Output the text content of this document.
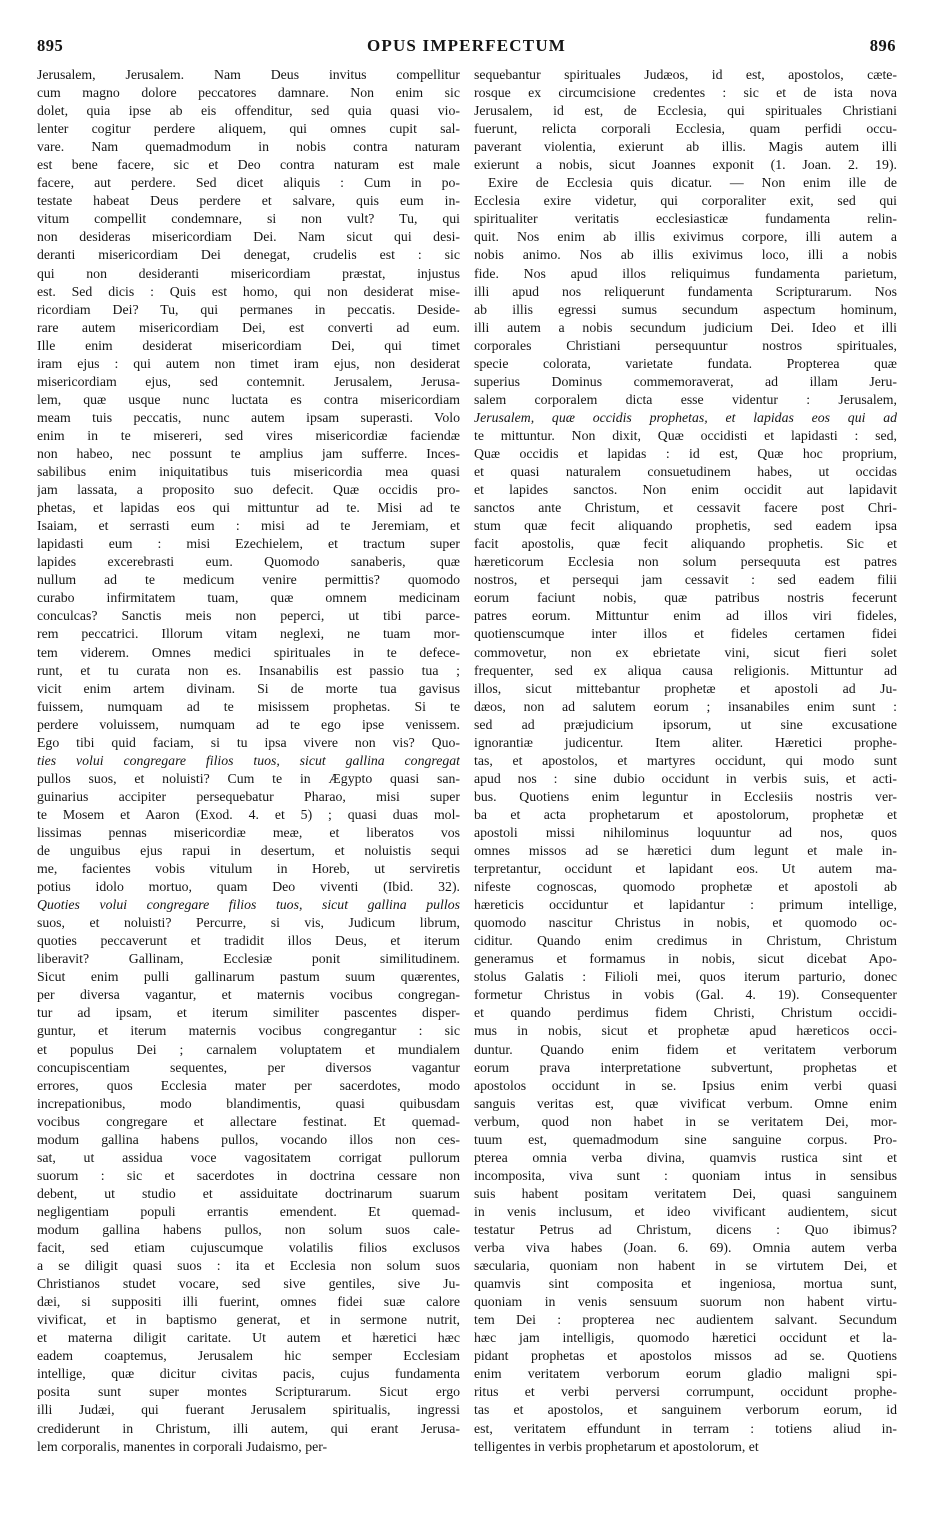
895	OPUS IMPERFECTUM	896
Jerusalem, Jerusalem. Nam Deus invitus compellitur
cum magno dolore peccatores damnare. Non enim sic
dolet, quia ipse ab eis offenditur, sed quia quasi vio-
lenter cogitur perdere aliquem, qui omnes cupit sal-
vare. Nam quemadmodum in nobis contra naturam
est bene facere, sic et Deo contra naturam est male
facere, aut perdere. Sed dicet aliquis : Cum in po-
testate habeat Deus perdere et salvare, quis eum in-
vitum compellit condemnare, si non vult? Tu, qui
non desideras misericordiam Dei. Nam sicut qui desi-
deranti misericordiam Dei denegat, crudelis est : sic
qui non desideranti misericordiam præstat, injustus
est. Sed dicis : Quis est homo, qui non desiderat mise-
ricordiam Dei? Tu, qui permanes in peccatis. Deside-
rare autem misericordiam Dei, est converti ad eum.
Ille enim desiderat misericordiam Dei, qui timet
iram ejus : qui autem non timet iram ejus, non desiderat
misericordiam ejus, sed contemnit. Jerusalem, Jerusa-
lem, quæ usque nunc luctata es contra misericordiam
meam tuis peccatis, nunc autem ipsam superasti. Volo
enim in te misereri, sed vires misericordiæ faciendæ
non habeo, nec possunt te amplius jam sufferre. Inces-
sabilibus enim iniquitatibus tuis misericordia mea quasi
jam lassata, a proposito suo defecit. Quæ occidis pro-
phetas, et lapidas eos qui mittuntur ad te. Misi ad te
Isaiam, et serrasti eum : misi ad te Jeremiam, et
lapidasti eum : misi Ezechielem, et tractum super
lapides excerebrasti eum. Quomodo sanaberis, quæ
nullum ad te medicum venire permittis? quomodo
curabo infirmitatem tuam, quæ omnem medicinam
conculcas? Sanctis meis non peperci, ut tibi parce-
rem peccatrici. Illorum vitam neglexi, ne tuam mor-
tem viderem. Omnes medici spirituales in te defece-
runt, et tu curata non es. Insanabilis est passio tua ;
vicit enim artem divinam. Si de morte tua gavisus
fuissem, numquam ad te misissem prophetas. Si te
perdere voluissem, numquam ad te ego ipse venissem.
Ego tibi quid faciam, si tu ipsa vivere non vis? Quo-
ties volui congregare filios tuos, sicut gallina congregat
pullos suos, et noluisti? Cum te in Ægypto quasi san-
guinarius accipiter persequebatur Pharao, misi super
te Mosem et Aaron (Exod. 4. et 5) ; quasi duas mol-
lissimas pennas misericordiæ meæ, et liberatos vos
de unguibus ejus rapui in desertum, et noluistis sequi
me, facientes vobis vitulum in Horeb, ut serviretis
potius idolo mortuo, quam Deo viventi (Ibid. 32).
Quoties volui congregare filios tuos, sicut gallina pullos
suos, et noluisti? Percurre, si vis, Judicum librum,
quoties peccaverunt et tradidit illos Deus, et iterum
liberavit? Gallinam, Ecclesiæ ponit similitudinem.
Sicut enim pulli gallinarum pastum suum quærentes,
per diversa vagantur, et maternis vocibus congregan-
tur ad ipsam, et iterum similiter pascentes disper-
guntur, et iterum maternis vocibus congregantur : sic
et populus Dei ; carnalem voluptatem et mundialem
concupiscentiam sequentes, per diversos vagantur
errores, quos Ecclesia mater per sacerdotes, modo
increpationibus, modo blandimentis, quasi quibusdam
vocibus congregare et allectare festinat. Et quemad-
modum gallina habens pullos, vocando illos non ces-
sat, ut assidua voce vagositatem corrigat pullorum
suorum : sic et sacerdotes in doctrina cessare non
debent, ut studio et assiduitate doctrinarum suarum
negligentiam populi errantis emendent. Et quemad-
modum gallina habens pullos, non solum suos cale-
facit, sed etiam cujuscumque volatilis filios exclusos
a se diligit quasi suos : ita et Ecclesia non solum suos
Christianos studet vocare, sed sive gentiles, sive Ju-
dæi, si suppositi illi fuerint, omnes fidei suæ calore
vivificat, et in baptismo generat, et in sermone nutrit,
et materna diligit caritate. Ut autem et hæretici hæc
eadem coaptemus, Jerusalem hic semper Ecclesiam
intellige, quæ dicitur civitas pacis, cujus fundamenta
posita sunt super montes Scripturarum. Sicut ergo
illi Judæi, qui fuerant Jerusalem spiritualis, ingressi
crediderunt in Christum, illi autem, qui erant Jerusa-
lem corporalis, manentes in corporali Judaismo, per-
sequebantur spirituales Judæos, id est, apostolos, cæte-
rosque ex circumcisione credentes : sic et de ista nova
Jerusalem, id est, de Ecclesia, qui spirituales Christiani
fuerunt, relicta corporali Ecclesia, quam perfidi occu-
paverant violentia, exierunt ab illis. Magis autem illi
exierunt a nobis, sicut Joannes exponit (1. Joan. 2. 19).
Exire de Ecclesia quis dicatur. — Non enim ille de
Ecclesia exire videtur, qui corporaliter exit, sed qui
spiritualiter veritatis ecclesiasticæ fundamenta relin-
quit. Nos enim ab illis exivimus corpore, illi autem a
nobis animo. Nos ab illis exivimus loco, illi a nobis
fide. Nos apud illos reliquimus fundamenta parietum,
illi apud nos reliquerunt fundamenta Scripturarum. Nos
ab illis egressi sumus secundum aspectum hominum,
illi autem a nobis secundum judicium Dei. Ideo et illi
corporales Christiani persequuntur nostros spirituales,
specie colorata, varietate fundata. Propterea quæ
superius Dominus commemoraverat, ad illam Jeru-
salem corporalem dicta esse videntur : Jerusalem,
Jerusalem, quæ occidis prophetas, et lapidas eos qui ad
te mittuntur. Non dixit, Quæ occidisti et lapidasti : sed,
Quæ occidis et lapidas : id est, Quæ hoc proprium,
et quasi naturalem consuetudinem habes, ut occidas
et lapides sanctos. Non enim occidit aut lapidavit
sanctos ante Christum, et cessavit facere post Chri-
stum quæ fecit aliquando prophetis, sed eadem ipsa
facit apostolis, quæ fecit aliquando prophetis. Sic et
hæreticorum Ecclesia non solum persequuta est patres
nostros, et persequi jam cessavit : sed eadem filii
eorum faciunt nobis, quæ patribus nostris fecerunt
patres eorum. Mittuntur enim ad illos viri fideles,
quotienscumque inter illos et fideles certamen fidei
commovetur, non ex ebrietate vini, sicut fieri solet
frequenter, sed ex aliqua causa religionis. Mittuntur ad
illos, sicut mittebantur prophetæ et apostoli ad Ju-
dæos, non ad salutem eorum ; insanabiles enim sunt :
sed ad præjudicium ipsorum, ut sine excusatione
ignorantiæ judicentur. Item aliter. Hæretici prophe-
tas, et apostolos, et martyres occidunt, qui modo sunt
apud nos : sine dubio occidunt in verbis suis, et acti-
bus. Quotiens enim leguntur in Ecclesiis nostris ver-
ba et acta prophetarum et apostolorum, prophetæ et
apostoli missi nihilominus loquuntur ad nos, quos
omnes missos ad se hæretici dum legunt et male in-
terpretantur, occidunt et lapidant eos. Ut autem ma-
nifeste cognoscas, quomodo prophetæ et apostoli ab
hæreticis occiduntur et lapidantur : primum intellige,
quomodo nascitur Christus in nobis, et quomodo oc-
ciditur. Quando enim credimus in Christum, Christum
generamus et formamus in nobis, sicut dicebat Apo-
stolus Galatis : Filioli mei, quos iterum parturio, donec
formetur Christus in vobis (Gal. 4. 19). Consequenter
et quando perdimus fidem Christi, Christum occidi-
mus in nobis, sicut et prophetæ apud hæreticos occi-
duntur. Quando enim fidem et veritatem verborum
eorum prava interpretatione subvertunt, prophetas et
apostolos occidunt in se. Ipsius enim verbi quasi
sanguis veritas est, quæ vivificat verbum. Omne enim
verbum, quod non habet in se veritatem Dei, mor-
tuum est, quemadmodum sine sanguine corpus. Pro-
pterea omnia verba divina, quamvis rustica sint et
incomposita, viva sunt : quoniam intus in sensibus
suis habent positam veritatem Dei, quasi sanguinem
in venis inclusum, et ideo vivificant audientem, sicut
testatur Petrus ad Christum, dicens : Quo ibimus?
verba viva habes (Joan. 6. 69). Omnia autem verba
sæcularia, quoniam non habent in se virtutem Dei, et
quamvis sint composita et ingeniosa, mortua sunt,
quoniam in venis sensuum suorum non habent virtu-
tem Dei : propterea nec audientem salvant. Secundum
hæc jam intelligis, quomodo hæretici occidunt et la-
pidant prophetas et apostolos missos ad se. Quotiens
enim veritatem verborum eorum gladio maligni spi-
ritus et verbi perversi corrumpunt, occidunt prophe-
tas et apostolos, et sanguinem verborum eorum, id
est, veritatem effundunt in terram : totiens aliud in-
telligentes in verbis prophetarum et apostolorum, et
